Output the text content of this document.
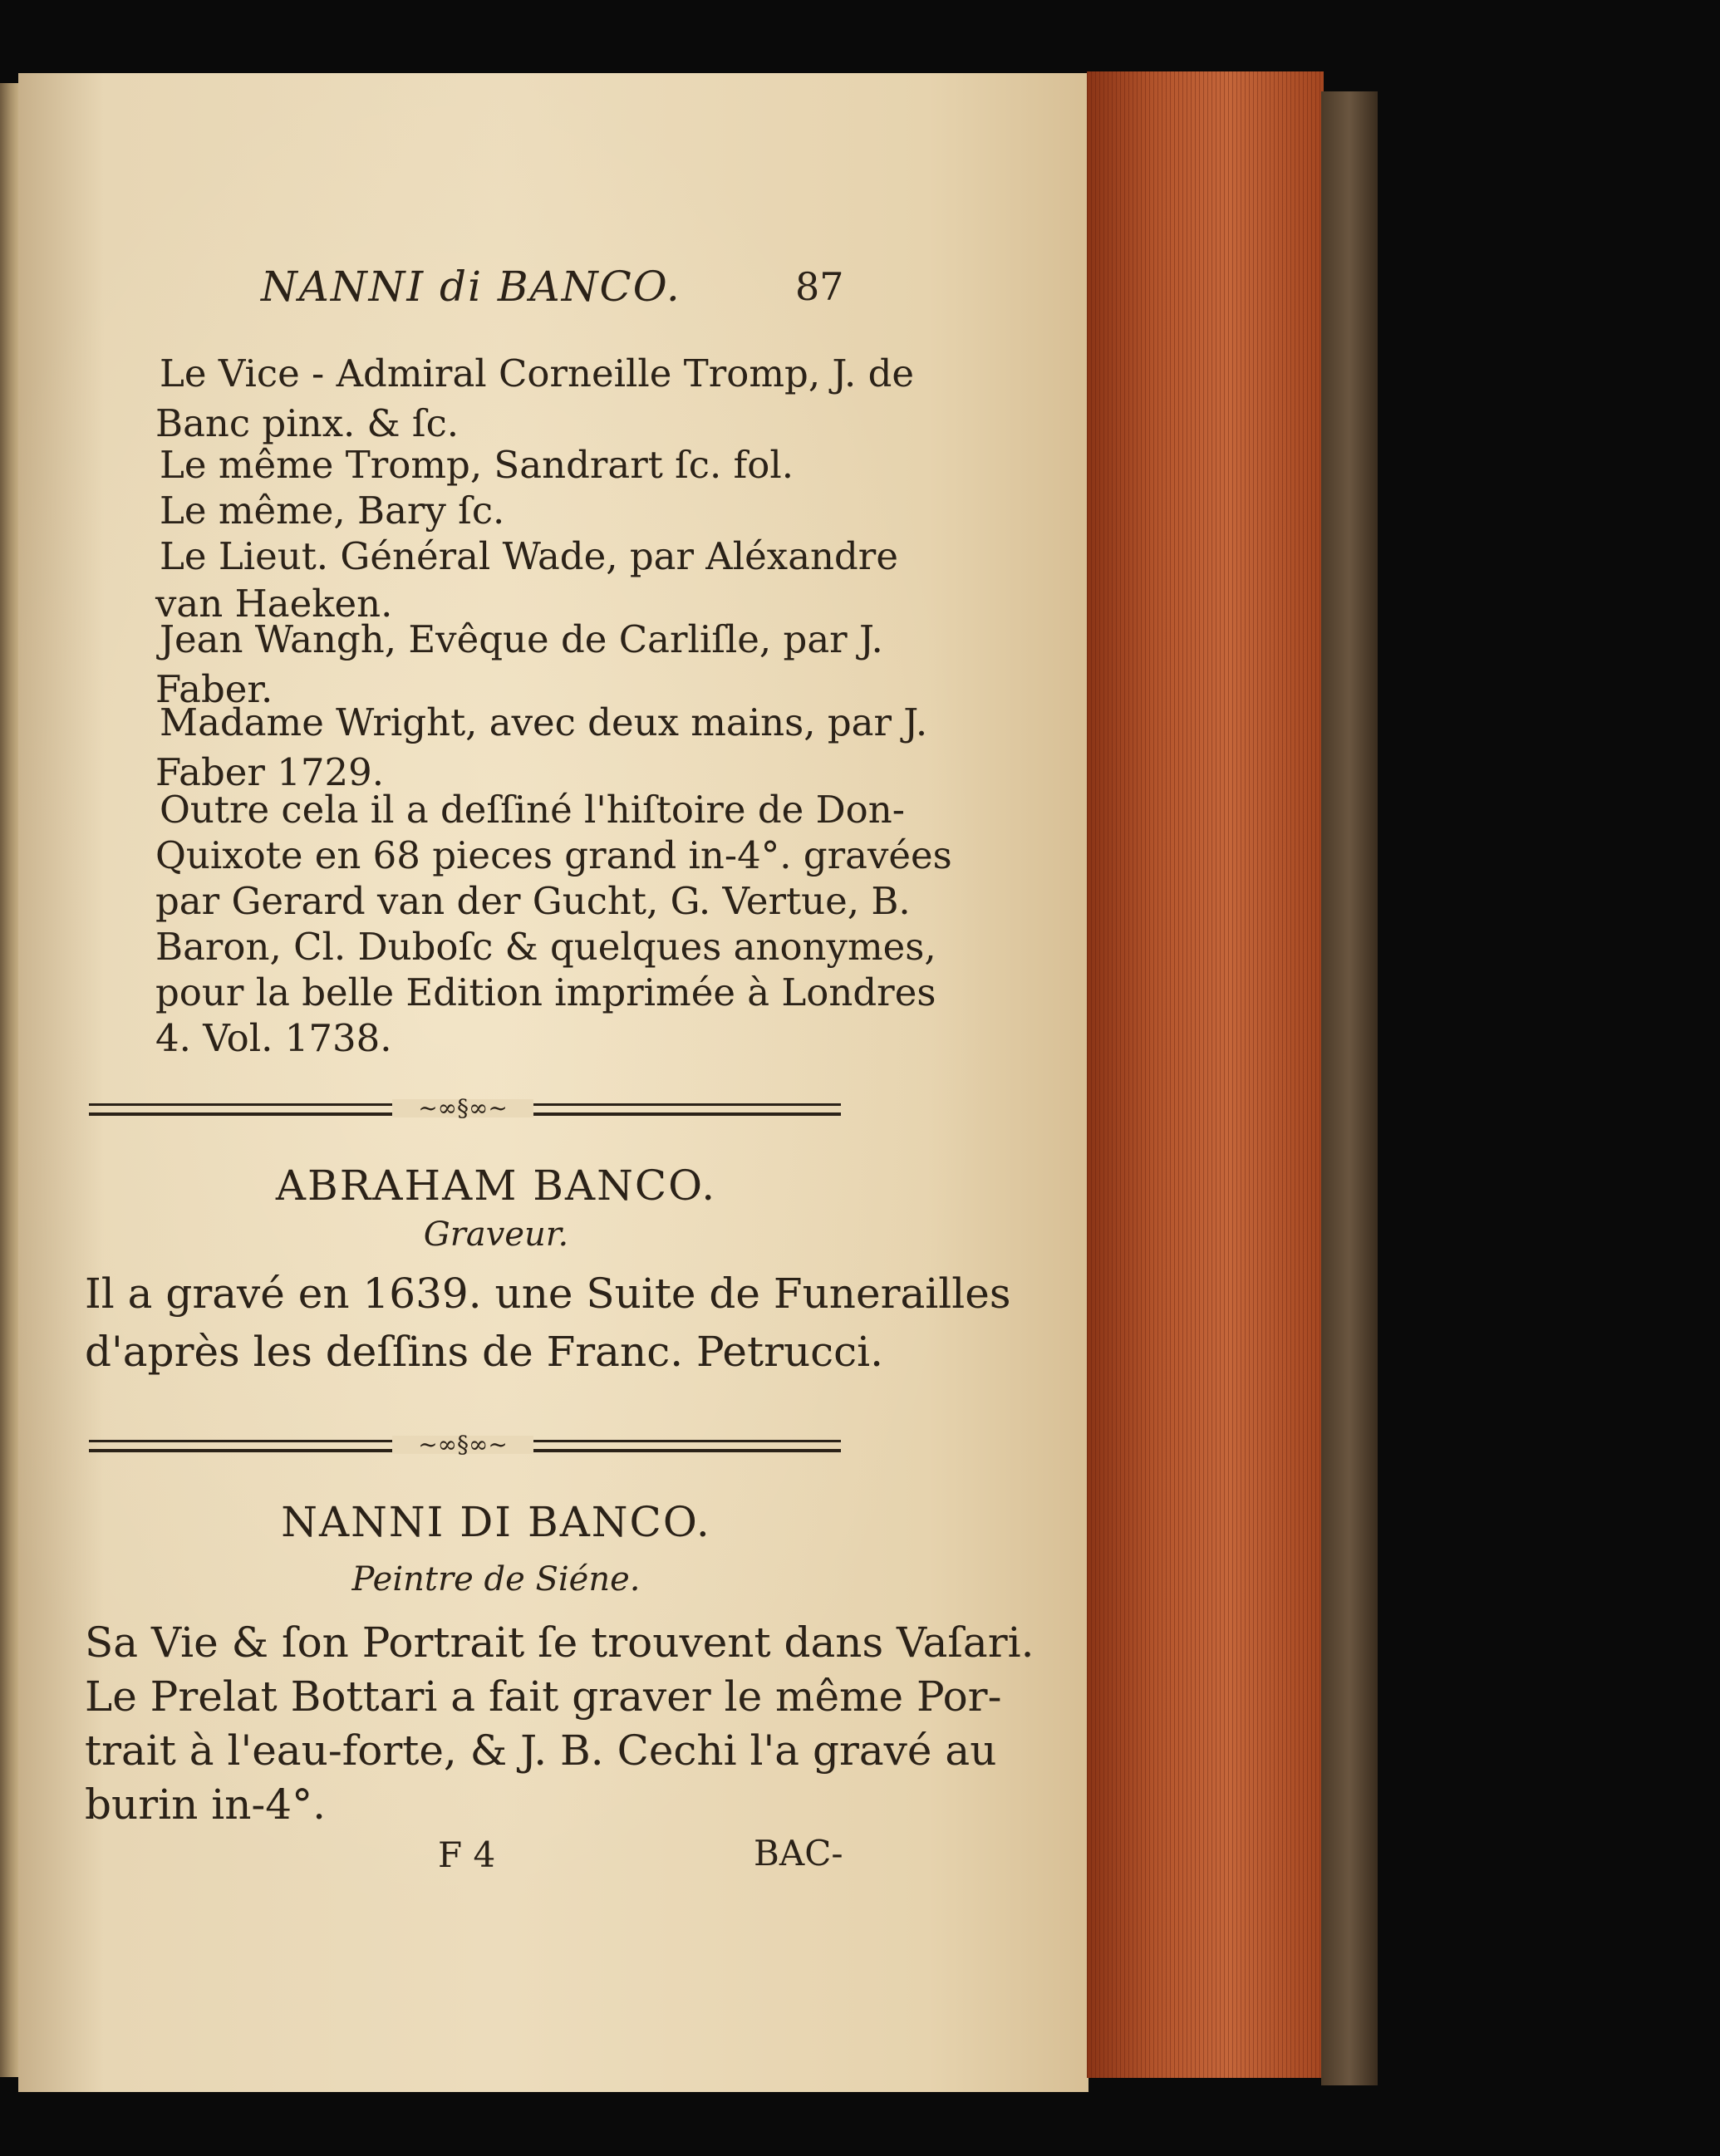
NANNI di BANCO.	87
Le Vice - Admiral Corneille Tromp, J. de
Banc pinx. & ſc.
Le même Tromp, Sandrart ſc. fol.
Le même, Bary ſc.
Le Lieut. Général Wade, par Aléxandre
van Haeken.
Jean Wangh, Evêque de Carliſle, par J.
Faber.
Madame Wright, avec deux mains, par J.
Faber 1729.
Outre cela il a deſſiné l'hiſtoire de Don-
Quixote en 68 pieces grand in-4°. gravées
par Gerard van der Gucht, G. Vertue, B.
Baron, Cl. Duboſc & quelques anonymes,
pour la belle Edition imprimée à Londres
4. Vol. 1738.
~∞§∞~
ABRAHAM BANCO.
Graveur.
Il a gravé en 1639. une Suite de Funerailles
d'après les deſſins de Franc. Petrucci.
~∞§∞~
NANNI DI BANCO.
Peintre de Siéne.
Sa Vie & ſon Portrait ſe trouvent dans Vaſari.
Le Prelat Bottari a fait graver le même Por-
trait à l'eau-forte, & J. B. Cechi l'a gravé au
burin in-4°.
F 4	BAC-
